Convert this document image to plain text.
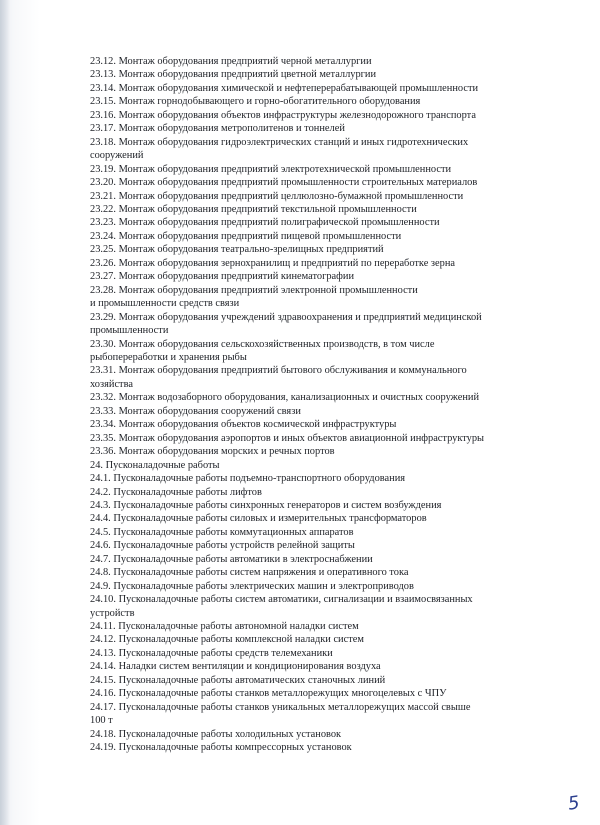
23.12. Монтаж оборудования предприятий черной металлургии
23.13. Монтаж оборудования предприятий цветной металлургии
23.14. Монтаж оборудования химической и нефтеперерабатывающей промышленности
23.15. Монтаж горнодобывающего и горно-обогатительного оборудования
23.16. Монтаж оборудования объектов инфраструктуры железнодорожного транспорта
23.17. Монтаж оборудования метрополитенов и тоннелей
23.18. Монтаж оборудования гидроэлектрических станций и иных гидротехнических
сооружений
23.19. Монтаж оборудования предприятий электротехнической промышленности
23.20. Монтаж оборудования предприятий промышленности строительных материалов
23.21. Монтаж оборудования предприятий целлюлозно-бумажной промышленности
23.22. Монтаж оборудования предприятий текстильной промышленности
23.23. Монтаж оборудования предприятий полиграфической промышленности
23.24. Монтаж оборудования предприятий пищевой промышленности
23.25. Монтаж оборудования театрально-зрелищных предприятий
23.26. Монтаж оборудования зернохранилищ и предприятий по переработке зерна
23.27. Монтаж оборудования предприятий кинематографии
23.28. Монтаж оборудования предприятий электронной промышленности
и промышленности средств связи
23.29. Монтаж оборудования учреждений здравоохранения и предприятий медицинской
промышленности
23.30. Монтаж оборудования сельскохозяйственных производств, в том числе
рыбопереработки и хранения рыбы
23.31. Монтаж оборудования предприятий бытового обслуживания и коммунального
хозяйства
23.32. Монтаж водозаборного оборудования, канализационных и очистных сооружений
23.33. Монтаж оборудования сооружений связи
23.34. Монтаж оборудования объектов космической инфраструктуры
23.35. Монтаж оборудования аэропортов и иных объектов авиационной инфраструктуры
23.36. Монтаж оборудования морских и речных портов
24. Пусконаладочные работы
24.1. Пусконаладочные работы подъемно-транспортного оборудования
24.2. Пусконаладочные работы лифтов
24.3. Пусконаладочные работы синхронных генераторов и систем возбуждения
24.4. Пусконаладочные работы силовых и измерительных трансформаторов
24.5. Пусконаладочные работы коммутационных аппаратов
24.6. Пусконаладочные работы устройств релейной защиты
24.7. Пусконаладочные работы автоматики в электроснабжении
24.8. Пусконаладочные работы систем напряжения и оперативного тока
24.9. Пусконаладочные работы электрических машин и электроприводов
24.10. Пусконаладочные работы систем автоматики, сигнализации и взаимосвязанных
устройств
24.11. Пусконаладочные работы автономной наладки систем
24.12. Пусконаладочные работы комплексной наладки систем
24.13. Пусконаладочные работы средств телемеханики
24.14. Наладки систем вентиляции и кондиционирования воздуха
24.15. Пусконаладочные работы автоматических станочных линий
24.16. Пусконаладочные работы станков металлорежущих многоцелевых с ЧПУ
24.17. Пусконаладочные работы станков уникальных металлорежущих массой свыше
100 т
24.18. Пусконаладочные работы холодильных установок
24.19. Пусконаладочные работы компрессорных установок
5
